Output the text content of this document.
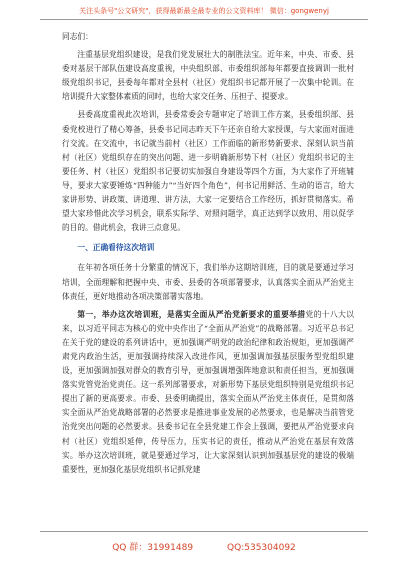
关注头条号"公文研究"，获得最新最全最专业的公文资料库！ 微信：gongwenyj

同志们：

注重基层党组织建设，是我们党发展壮大的制胜法宝。近年来，中央、市委、县委对基层干部队伍建设高度重视，中央组织部、市委组织部每年都要直接调训一批村级党组织书记，县委每年都对全县村（社区）党组织书记都开展了一次集中轮训。在培训提升大家整体素质的同时，也给大家交任务、压担子、提要求。

县委高度重视此次培训，县委常委会专题审定了培训工作方案，县委组织部、县委党校进行了精心筹备，县委书记同志昨天下午还亲自给大家授课，与大家面对面进行交流。在交流中，书记就当前村（社区）工作面临的新形势新要求、深刻认识当前村（社区）党组织存在的突出问题、进一步明确新形势下村（社区）党组织书记的主要任务、村（社区）党组织书记要切实加强自身建设等四个方面，为大家作了开班辅导，要求大家要锤炼“四种能力”“当好四个角色”，何书记用鲜活、生动的语言，给大家讲形势、讲政策、讲道理、讲方法，大家一定要结合工作经历，抓好贯彻落实。希望大家珍惜此次学习机会，联系实际学、对照问题学，真正达到学以致用、用以促学的目的。借此机会，我讲三点意见。

一、正确看待这次培训

在年初各项任务十分繁重的情况下，我们举办这期培训班，目的就是要通过学习培训，全面理解和把握中央、市委、县委的各项部署要求，认真落实全面从严治党主体责任，更好地推动各项决策部署实落地。

第一，举办这次培训班，是落实全面从严治党新要求的重要举措党的十八大以来，以习近平同志为核心的党中央作出了“全面从严治党”的战略部署。习近平总书记在关于党的建设的系列讲话中，更加强调严明党的政治纪律和政治规矩，更加强调严肃党内政治生活，更加强调持续深入改进作风，更加强调加强基层服务型党组织建设，更加强调加强对群众的教育引导，更加强调增强阵地意识和责任担当，更加强调落实党管党治党责任。这一系列部署要求，对新形势下基层党组织特别是党组织书记提出了新的更高要求。市委、县委明确提出，落实全面从严治党主体责任，是贯彻落实全面从严治党战略部署的必然要求是推进事业发展的必然要求，也是解决当前管党治党突出问题的必然要求。县委书记在全县党建工作会上强调，要把从严治党要求向村（社区）党组织延伸，传导压力，压实书记的责任，推动从严治党在基层有效落实。举办这次培训班，就是要通过学习，让大家深刻认识到加强基层党的建设的极端重要性，更加强化基层党组织书记抓党建

QQ 群：31991489	QQ:535304092
